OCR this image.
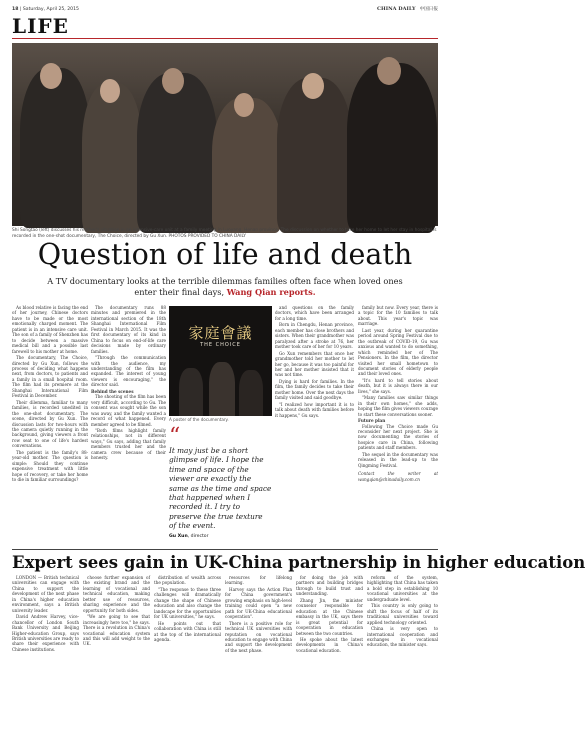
18 | Saturday, April 25, 2015	CHINA DAILY 中国日报
LIFE
Shi Songtao (left) discusses his mother's situation in an intensive-care unit at a family meeting in Luoyang, Henan province. The discussion on whether to take her home to let her stay in hospital is recorded in the one-shot documentary, The Choice, directed by Gu Xun. PHOTOS PROVIDED TO CHINA DAILY
Question of life and death
A TV documentary looks at the terrible dilemmas families often face when loved ones enter their final days, Wang Qian reports.

As blood relative is facing the end of her journey, Chinese doctors have to be made or the most emotionally charged moment. The patient is in an intensive care unit. The son of a family of Shenzhen has to decide between a massive medical bill and a possible last farewell to his mother at home.

The documentary, The Choice, directed by Gu Xun, follows the process of deciding what happens next, from doctors, to patients and a family in a small hospital room. The film had its premiere at the Shanghai International Film Festival in December.

Their dilemma, familiar to many families, is recorded unedited in the one-shot documentary. The scene, directed by Gu Xun. The discussion lasts for two-hours with the camera quietly running in the background, giving viewers a front row seat to one of life's hardest conversations.

The patient is the family's 88-year-old mother. The question is simple: Should they continue expensive treatment with little hope of recovery, or take her home to die in familiar surroundings?

The documentary runs 88 minutes and premiered in the international section of the 18th Shanghai International Film Festival in March 2015. It was the first documentary of its kind in China to focus on end-of-life care decisions made by ordinary families.

"Through the communication with the audience, my understanding of the film has expanded. The interest of young viewers is encouraging," the director said.

Behind the scenes

The shooting of the film has been very difficult, according to Gu. The consent was sought while the son was away, and the family wanted a record of what happened. Every member agreed to be filmed.

"Both films highlight family relationships, not in different ways," Gu says, adding that family members trusted her and the camera crew because of their honesty.

家庭會議
THE CHOICE
A poster of the documentary.
“
It may just be a short glimpse of life. I hope the time and space of the viewer are exactly the same as the time and space that happened when I recorded it. I try to preserve the true texture of the event.
Gu Xun, director

and questions on the family doctors, which have been arranged for a long time.

Born in Chengdu, Henan province, each member has close brothers and sisters. When their grandmother was paralyzed after a stroke at 76, her mother took care of her for 10 years.

Go Xun remembers that once her grandmother told her mother to let her go, because it was too painful for her and her mother insisted that it was not time.

Dying is hard for families. In the film, the family decides to take their mother home. Over the next days the family visited and said goodbye.

"I realized how important it is to talk about death with families before it happens," Gu says.

family but now. Every year, there is a topic for the 10 families to talk about. This year's topic was marriage.

Last year, during her quarantine period around Spring Festival due to the outbreak of COVID-19, Gu was anxious and wanted to do something, which reminded her of The Pensioners. In the film, the director visited her small hometown to document stories of elderly people and their loved ones.

"It's hard to tell stories about death, but it is always there in our lives," she says.

"Many families saw similar things in their own homes," she adds, hoping the film gives viewers courage to start these conversations sooner.

Future plan

Following The Choice made Gu reconsider her next project. She is now documenting the stories of hospice care in China, following patients and staff members.

The sequel in the documentary was released in the lead-up to the Qingming Festival.

Contact the writer at wangqian@chinadaily.com.cn
Expert sees gain in UK-China partnership in higher education

LONDON — British technical universities can engage with China to support the development of the next phase in China's higher education environment, says a British university leader.

David Andrew Harvey, vice-chancellor of London South Bank University and Beijing Higher-education Group, says British universities are ready to share their experience with Chinese institutions.

choose further expansion of the existing brand and the learning of vocational and technical education, making better use of resources, sharing experience and the opportunity for both sides.

"We are going to see that increasingly here too," he says. There is a revolution in China's vocational education system and this will add weight to the UK.

distribution of wealth across the population.

"The response to these three challenges will dramatically change the shape of Chinese education and also change the landscape for the opportunities for UK universities," he says.

He points out that collaboration with China is still at the top of the international agenda.

resources for lifelong learning.

Harvey says the Action Plan for China government's growing emphasis on high-level training could open "a new path for UK-China educational cooperation".

There is a positive role for technical UK universities with reputation on vocational education to engage with China and support the development of the next phase.

for doing the job with partners and building bridges through to build trust and understanding.

Zhang Jin, the minister counselor responsible for education at the Chinese embassy in the UK, says there is great potential for cooperation in education between the two countries.

He spoke about the latest developments in China's vocational education.

reform of the system, highlighting that China has taken a bold step in establishing 10 vocational universities at the undergraduate level.

This country is only going to shift the focus of half of its traditional universities toward applied technology oriented.

China is very open to international cooperation and exchanges in vocational education, the minister says.
